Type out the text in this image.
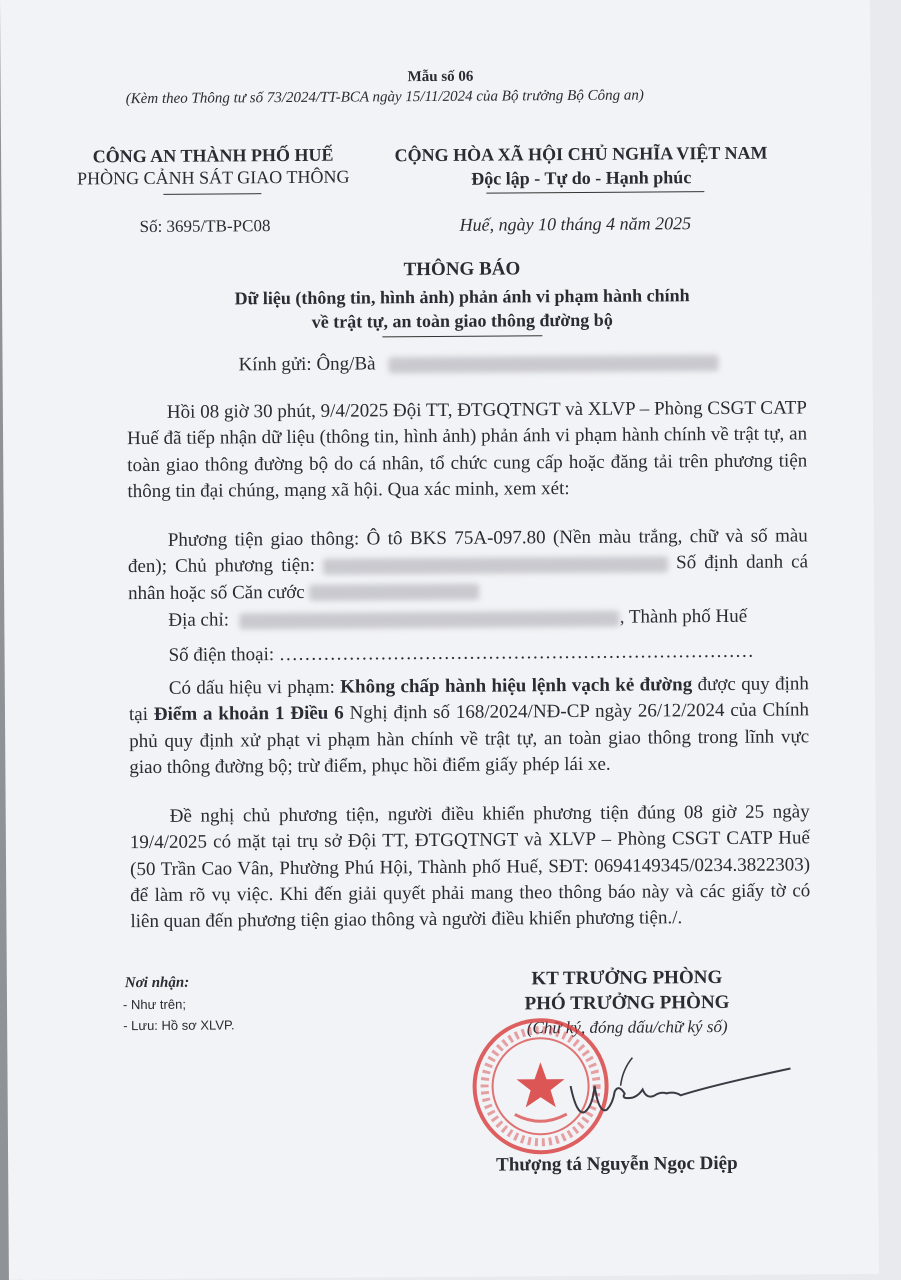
Mẫu số 06
(Kèm theo Thông tư số 73/2024/TT-BCA ngày 15/11/2024 của Bộ trưởng Bộ Công an)
CÔNG AN THÀNH PHỐ HUẾ
PHÒNG CẢNH SÁT GIAO THÔNG
Số: 3695/TB-PC08
CỘNG HÒA XÃ HỘI CHỦ NGHĨA VIỆT NAM
Độc lập - Tự do - Hạnh phúc
Huế, ngày 10 tháng 4 năm 2025
THÔNG BÁO
Dữ liệu (thông tin, hình ảnh) phản ánh vi phạm hành chính
về trật tự, an toàn giao thông đường bộ
Kính gửi: Ông/Bà
Hồi 08 giờ 30 phút, 9/4/2025 Đội TT, ĐTGQTNGT và XLVP – Phòng CSGT CATP Huế đã tiếp nhận dữ liệu (thông tin, hình ảnh) phản ánh vi phạm hành chính về trật tự, an toàn giao thông đường bộ do cá nhân, tổ chức cung cấp hoặc đăng tải trên phương tiện thông tin đại chúng, mạng xã hội. Qua xác minh, xem xét:
Phương tiện giao thông: Ô tô BKS 75A-097.80 (Nền màu trắng, chữ và số màu đen); Chủ phương tiện:	Số định danh cá nhân hoặc số Căn cước
Địa chỉ:	, Thành phố Huế
Số điện thoại: …………………………………………………………………
Có dấu hiệu vi phạm: Không chấp hành hiệu lệnh vạch kẻ đường được quy định tại Điểm a khoản 1 Điều 6 Nghị định số 168/2024/NĐ-CP ngày 26/12/2024 của Chính phủ quy định xử phạt vi phạm hàn chính về trật tự, an toàn giao thông trong lĩnh vực giao thông đường bộ; trừ điểm, phục hồi điểm giấy phép lái xe.
Đề nghị chủ phương tiện, người điều khiển phương tiện đúng 08 giờ 25 ngày 19/4/2025 có mặt tại trụ sở Đội TT, ĐTGQTNGT và XLVP – Phòng CSGT CATP Huế (50 Trần Cao Vân, Phường Phú Hội, Thành phố Huế, SĐT: 0694149345/0234.3822303) để làm rõ vụ việc. Khi đến giải quyết phải mang theo thông báo này và các giấy tờ có liên quan đến phương tiện giao thông và người điều khiển phương tiện./.
Nơi nhận:
- Như trên;
- Lưu: Hồ sơ XLVP.
KT TRƯỞNG PHÒNG
PHÓ TRƯỞNG PHÒNG
(Chữ ký, đóng dấu/chữ ký số)
Thượng tá Nguyễn Ngọc Diệp
